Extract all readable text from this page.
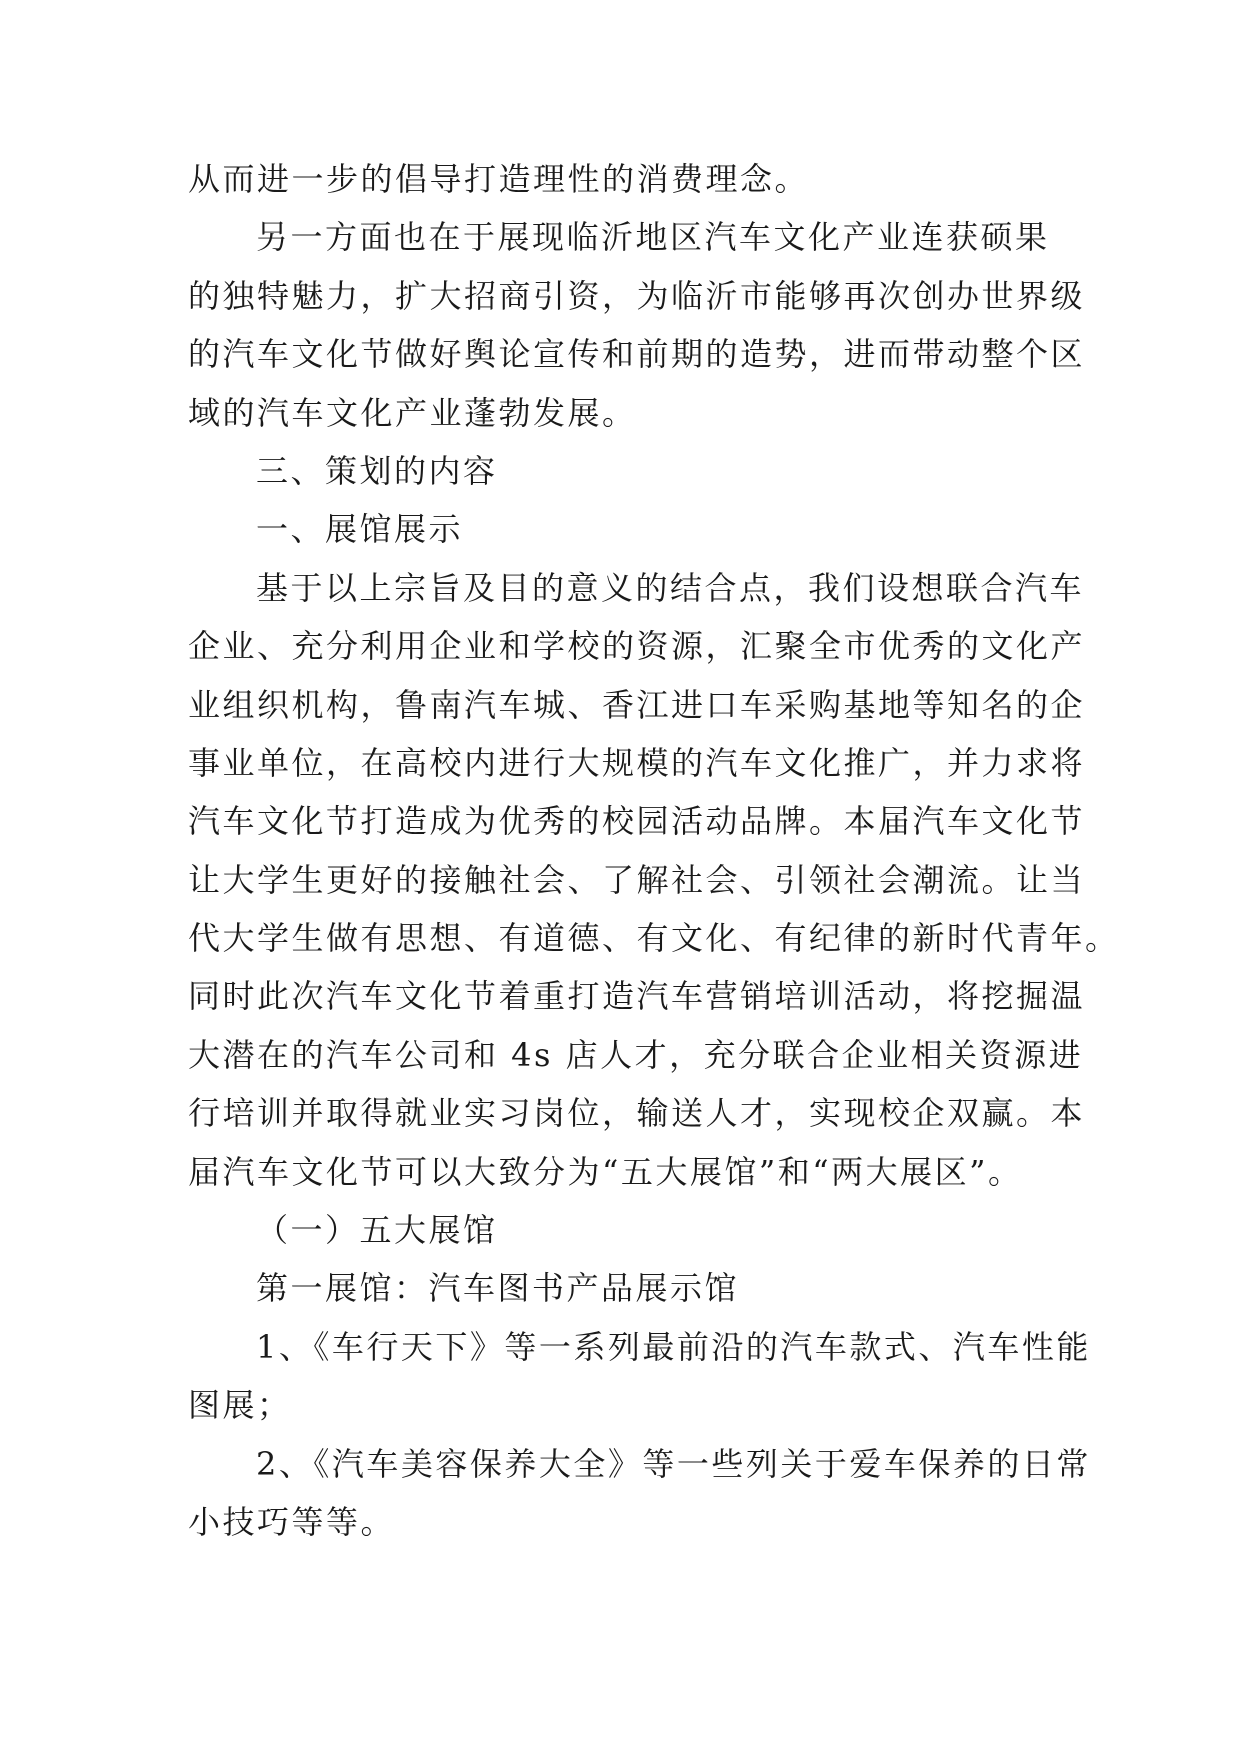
从而进一步的倡导打造理性的消费理念。
另一方面也在于展现临沂地区汽车文化产业连获硕果
的独特魅力，扩大招商引资，为临沂市能够再次创办世界级
的汽车文化节做好舆论宣传和前期的造势，进而带动整个区
域的汽车文化产业蓬勃发展。
三、策划的内容
一、展馆展示
基于以上宗旨及目的意义的结合点，我们设想联合汽车
企业、充分利用企业和学校的资源，汇聚全市优秀的文化产
业组织机构，鲁南汽车城、香江进口车采购基地等知名的企
事业单位，在高校内进行大规模的汽车文化推广，并力求将
汽车文化节打造成为优秀的校园活动品牌。本届汽车文化节
让大学生更好的接触社会、了解社会、引领社会潮流。让当
代大学生做有思想、有道德、有文化、有纪律的新时代青年。
同时此次汽车文化节着重打造汽车营销培训活动，将挖掘温
大潜在的汽车公司和 4s 店人才，充分联合企业相关资源进
行培训并取得就业实习岗位，输送人才，实现校企双赢。本
届汽车文化节可以大致分为“五大展馆”和“两大展区”。
（一）五大展馆
第一展馆：汽车图书产品展示馆
1、《车行天下》等一系列最前沿的汽车款式、汽车性能
图展；
2、《汽车美容保养大全》等一些列关于爱车保养的日常
小技巧等等。
